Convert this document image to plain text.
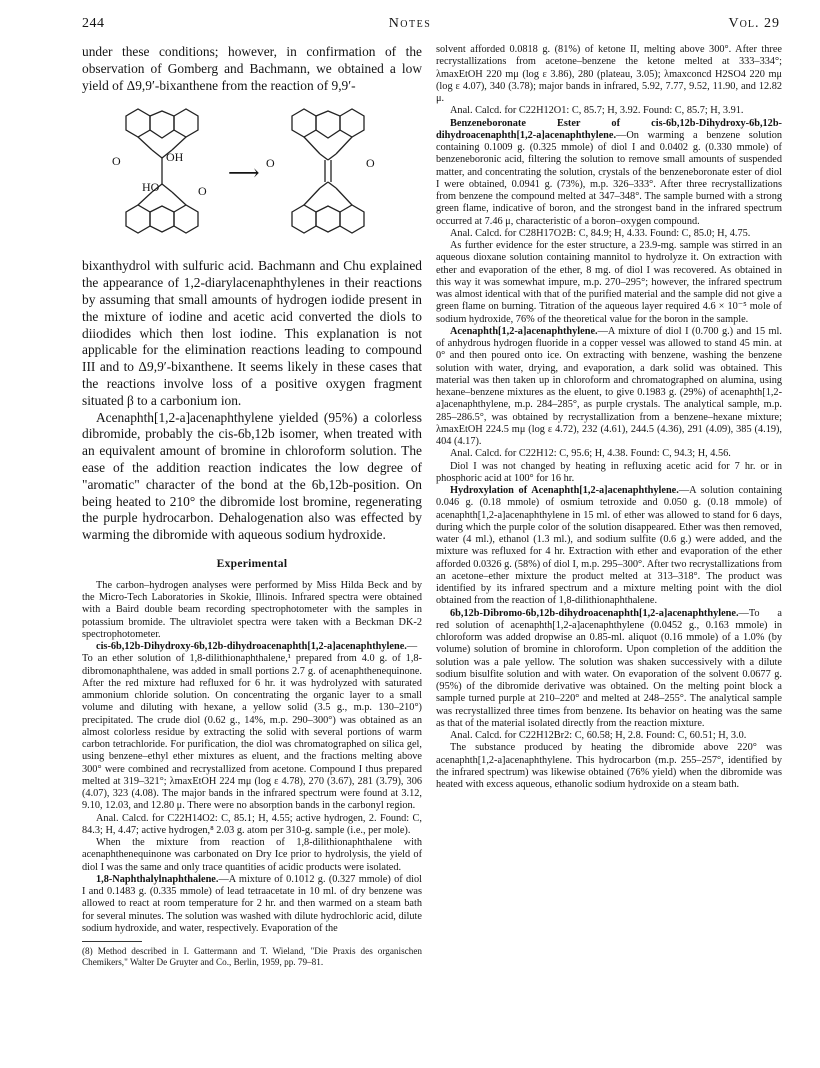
244	Notes	Vol. 29

under these conditions; however, in confirmation of the observation of Gomberg and Bachmann, we obtained a low yield of Δ9,9′-bixanthene from the reaction of 9,9′-

OH
HO
O
O
⟶ O	O

bixanthydrol with sulfuric acid. Bachmann and Chu explained the appearance of 1,2-diarylacenaphthylenes in their reactions by assuming that small amounts of hydrogen iodide present in the mixture of iodine and acetic acid converted the diols to diiodides which then lost iodine. This explanation is not applicable for the elimination reactions leading to compound III and to Δ9,9′-bixanthene. It seems likely in these cases that the reactions involve loss of a positive oxygen fragment situated β to a carbonium ion.

Acenaphth[1,2-a]acenaphthylene yielded (95%) a colorless dibromide, probably the cis-6b,12b isomer, when treated with an equivalent amount of bromine in chloroform solution. The ease of the addition reaction indicates the low degree of "aromatic" character of the bond at the 6b,12b-position. On being heated to 210° the dibromide lost bromine, regenerating the purple hydrocarbon. Dehalogenation also was effected by warming the dibromide with aqueous sodium hydroxide.

Experimental

The carbon–hydrogen analyses were performed by Miss Hilda Beck and by the Micro-Tech Laboratories in Skokie, Illinois. Infrared spectra were obtained with a Baird double beam recording spectrophotometer with the samples in potassium bromide. The ultraviolet spectra were taken with a Beckman DK-2 spectrophotometer.

cis-6b,12b-Dihydroxy-6b,12b-dihydroacenaphth[1,2-a]acenaphthylene.—To an ether solution of 1,8-dilithionaphthalene,¹ prepared from 4.0 g. of 1,8-dibromonaphthalene, was added in small portions 2.7 g. of acenaphthenequinone. After the red mixture had refluxed for 6 hr. it was hydrolyzed with saturated ammonium chloride solution. On concentrating the organic layer to a small volume and diluting with hexane, a yellow solid (3.5 g., m.p. 130–210°) precipitated. The crude diol (0.62 g., 14%, m.p. 290–300°) was obtained as an almost colorless residue by extracting the solid with several portions of warm carbon tetrachloride. For purification, the diol was chromatographed on silica gel, using benzene–ethyl ether mixtures as eluent, and the fractions melting above 300° were combined and recrystallized from acetone. Compound I thus prepared melted at 319–321°; λmaxEtOH 224 mμ (log ε 4.78), 270 (3.67), 281 (3.79), 306 (4.07), 323 (4.08). The major bands in the infrared spectrum were found at 3.12, 9.10, 12.03, and 12.80 μ. There were no absorption bands in the carbonyl region.

Anal. Calcd. for C22H14O2: C, 85.1; H, 4.55; active hydrogen, 2. Found: C, 84.3; H, 4.47; active hydrogen,⁸ 2.03 g. atom per 310-g. sample (i.e., per mole).

When the mixture from reaction of 1,8-dilithionaphthalene with acenaphthenequinone was carbonated on Dry Ice prior to hydrolysis, the yield of diol I was the same and only trace quantities of acidic products were isolated.

1,8-Naphthalylnaphthalene.—A mixture of 0.1012 g. (0.327 mmole) of diol I and 0.1483 g. (0.335 mmole) of lead tetraacetate in 10 ml. of dry benzene was allowed to react at room temperature for 2 hr. and then warmed on a steam bath for several minutes. The solution was washed with dilute hydrochloric acid, dilute sodium hydroxide, and water, respectively. Evaporation of the

(8) Method described in I. Gattermann and T. Wieland, "Die Praxis des organischen Chemikers," Walter De Gruyter and Co., Berlin, 1959, pp. 79–81.

solvent afforded 0.0818 g. (81%) of ketone II, melting above 300°. After three recrystallizations from acetone–benzene the ketone melted at 333–334°; λmaxEtOH 220 mμ (log ε 3.86), 280 (plateau, 3.05); λmaxconcd H2SO4 220 mμ (log ε 4.07), 340 (3.78); major bands in infrared, 5.92, 7.77, 9.52, 11.90, and 12.82 μ.

Anal. Calcd. for C22H12O1: C, 85.7; H, 3.92. Found: C, 85.7; H, 3.91.

Benzeneboronate Ester of cis-6b,12b-Dihydroxy-6b,12b-dihydroacenaphth[1,2-a]acenaphthylene.—On warming a benzene solution containing 0.1009 g. (0.325 mmole) of diol I and 0.0402 g. (0.330 mmole) of benzeneboronic acid, filtering the solution to remove small amounts of suspended matter, and concentrating the solution, crystals of the benzeneboronate ester of diol I were obtained, 0.0941 g. (73%), m.p. 326–333°. After three recrystallizations from benzene the compound melted at 347–348°. The sample burned with a strong green flame, indicative of boron, and the strongest band in the infrared spectrum occurred at 7.46 μ, characteristic of a boron–oxygen compound.

Anal. Calcd. for C28H17O2B: C, 84.9; H, 4.33. Found: C, 85.0; H, 4.75.

As further evidence for the ester structure, a 23.9-mg. sample was stirred in an aqueous dioxane solution containing mannitol to hydrolyze it. On extraction with ether and evaporation of the ether, 8 mg. of diol I was recovered. As obtained in this way it was somewhat impure, m.p. 270–295°; however, the infrared spectrum was almost identical with that of the purified material and the sample did not give a green flame on burning. Titration of the aqueous layer required 4.6 × 10⁻⁵ mole of sodium hydroxide, 76% of the theoretical value for the boron in the sample.

Acenaphth[1,2-a]acenaphthylene.—A mixture of diol I (0.700 g.) and 15 ml. of anhydrous hydrogen fluoride in a copper vessel was allowed to stand 45 min. at 0° and then poured onto ice. On extracting with benzene, washing the benzene solution with water, drying, and evaporation, a dark solid was obtained. This material was then taken up in chloroform and chromatographed on alumina, using hexane–benzene mixtures as the eluent, to give 0.1983 g. (29%) of acenaphth[1,2-a]acenaphthylene, m.p. 284–285°, as purple crystals. The analytical sample, m.p. 285–286.5°, was obtained by recrystallization from a benzene–hexane mixture; λmaxEtOH 224.5 mμ (log ε 4.72), 232 (4.61), 244.5 (4.36), 291 (4.09), 385 (4.19), 404 (4.17).

Anal. Calcd. for C22H12: C, 95.6; H, 4.38. Found: C, 94.3; H, 4.56.

Diol I was not changed by heating in refluxing acetic acid for 7 hr. or in phosphoric acid at 100° for 16 hr.

Hydroxylation of Acenaphth[1,2-a]acenaphthylene.—A solution containing 0.046 g. (0.18 mmole) of osmium tetroxide and 0.050 g. (0.18 mmole) of acenaphth[1,2-a]acenaphthylene in 15 ml. of ether was allowed to stand for 6 days, during which the purple color of the solution disappeared. Ether was then removed, water (4 ml.), ethanol (1.3 ml.), and sodium sulfite (0.6 g.) were added, and the mixture was refluxed for 4 hr. Extraction with ether and evaporation of the ether afforded 0.0326 g. (58%) of diol I, m.p. 295–300°. After two recrystallizations from an acetone–ether mixture the product melted at 313–318°. The product was identified by its infrared spectrum and a mixture melting point with the diol obtained from the reaction of 1,8-dilithionaphthalene.

6b,12b-Dibromo-6b,12b-dihydroacenaphth[1,2-a]acenaphthylene.—To a red solution of acenaphth[1,2-a]acenaphthylene (0.0452 g., 0.163 mmole) in chloroform was added dropwise an 0.85-ml. aliquot (0.16 mmole) of a 1.0% (by volume) solution of bromine in chloroform. Upon completion of the addition the solution was a pale yellow. The solution was shaken successively with a dilute sodium bisulfite solution and with water. On evaporation of the solvent 0.0677 g. (95%) of the dibromide derivative was obtained. On the melting point block a sample turned purple at 210–220° and melted at 248–255°. The analytical sample was recrystallized three times from benzene. Its behavior on heating was the same as that of the material isolated directly from the reaction mixture.

Anal. Calcd. for C22H12Br2: C, 60.58; H, 2.8. Found: C, 60.51; H, 3.0.

The substance produced by heating the dibromide above 220° was acenaphth[1,2-a]acenaphthylene. This hydrocarbon (m.p. 255–257°, identified by the infrared spectrum) was likewise obtained (76% yield) when the dibromide was heated with excess aqueous, ethanolic sodium hydroxide on a steam bath.
